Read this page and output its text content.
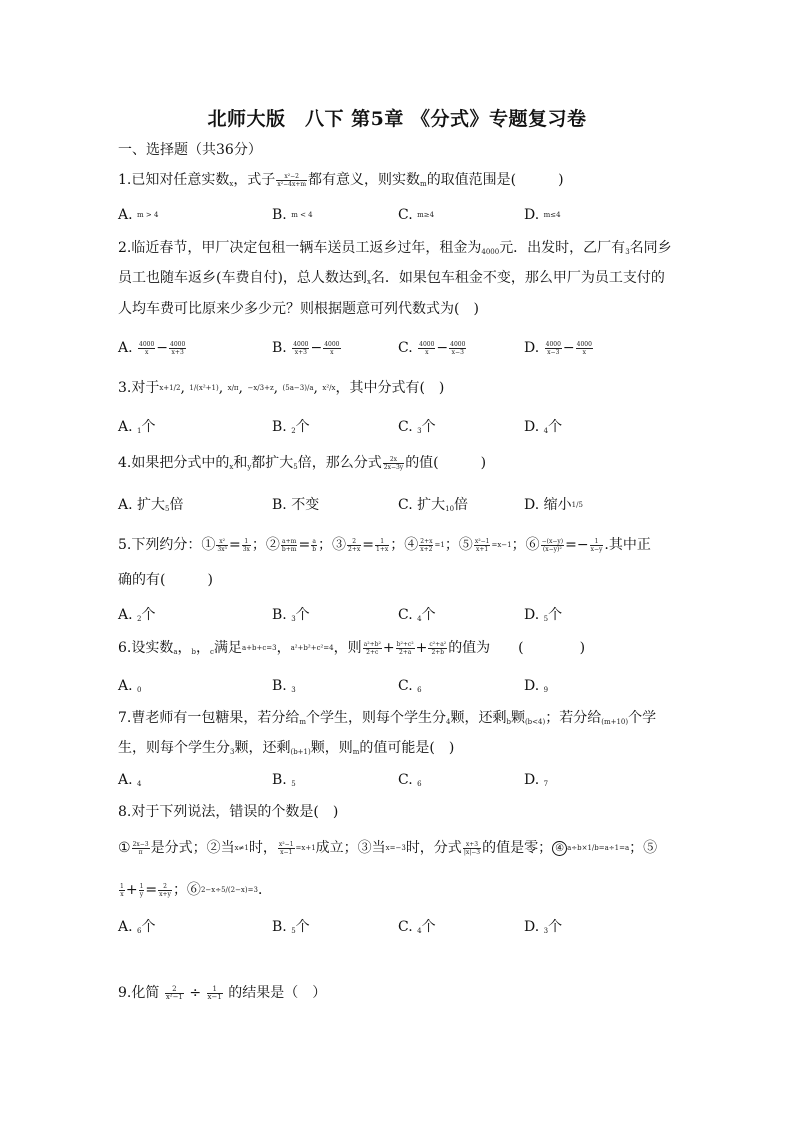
北师大版　八下 第5章 《分式》专题复习卷
一、选择题（共36分）
1.已知对任意实数$_x$，式子 $\frac{\text{x²−2}}{\text{x²−4x+m}}$ 都有意义，则实数$_m$的取值范围是(　　　)
A. m > 4	B. m < 4	C. m≥4	D. m≤4
2.临近春节，甲厂决定包租一辆车送员工返乡过年，租金为$_{4000}$元．出发时，乙厂有$_3$名同乡
员工也随车返乡(车费自付)，总人数达到$_x$名．如果包车租金不变，那么甲厂为员工支付的
人均车费可比原来少多少元？则根据题意可列代数式为(　)
A. $\frac{4000}{x} - \frac{4000}{x+3}$	B. $\frac{4000}{x+3} - \frac{4000}{x}$	C. $\frac{4000}{x} - \frac{4000}{x-3}$	D. $\frac{4000}{x-3} - \frac{4000}{x}$
3.对于x+1/2, 1/(x²+1), x/π, −x/3+z, (5a−3)/a, x²/x，其中分式有(　)
A. $_1$个	B. $_2$个	C. $_3$个	D. $_4$个
4.如果把分式中的$_x$和$_y$都扩大$_5$倍，那么分式 $\frac{2x}{2x-3y}$ 的值(　　　)
A. 扩大$_5$倍	B. 不变	C. 扩大$_{10}$倍	D. 缩小1/5
5.下列约分：① $\frac{\text{x²}}{\text{3x³}} = \frac{1}{3x}$ ；② $\frac{a+m}{b+m} = \frac{a}{b}$ ；③ $\frac{2}{2+x} = \frac{1}{1+x}$ ；④ $\frac{2+x}{x+2} =1$；⑤ $\frac{\text{x²−1}}{x+1} =x-1$；⑥ $\frac{-(x-y)}{\text{(x−y)²}} =- \frac{1}{x-y}$ .其中正
确的有(　　　)
A. $_2$个	B. $_3$个	C. $_4$个	D. $_5$个
6.设实数$_a$，$_b$，$_c$满足a+b+c=3，a²+b²+c²=4，则 $\frac{\text{a²+b²}}{2+c} + \frac{\text{b²+c²}}{2+a} + \frac{\text{c²+a²}}{2+b}$ 的值为　　(　　　　)
A. $_0$	B. $_3$	C. $_6$	D. $_9$
7.曹老师有一包糖果，若分给$_m$个学生，则每个学生分$_4$颗，还剩$_b$颗$_{(b<4)}$；若分给$_{(m+10)}$个学
生，则每个学生分$_3$颗，还剩$_{(b+1)}$颗，则$_m$的值可能是(　)
A. $_4$	B. $_5$	C. $_6$	D. $_7$
8.对于下列说法，错误的个数是(　)
① $\frac{2x-3}{\pi}$ 是分式；②当x≠1时， $\frac{\text{x²−1}}{x-1} =x+1$成立；③当x=−3时，分式 $\frac{x+3}{|x|-3}$ 的值是零； ④ a÷b×1/b=a÷1=a；⑤
$\frac{1}{x} + \frac{1}{y} = \frac{2}{x+y}$ ；⑥2−x÷5/(2−x)=3．
A. $_6$个	B. $_5$个	C. $_4$个	D. $_3$个
9.化简 $\frac{2}{\text{x²−1}} \div \frac{1}{x-1}$ 的结果是（　）
